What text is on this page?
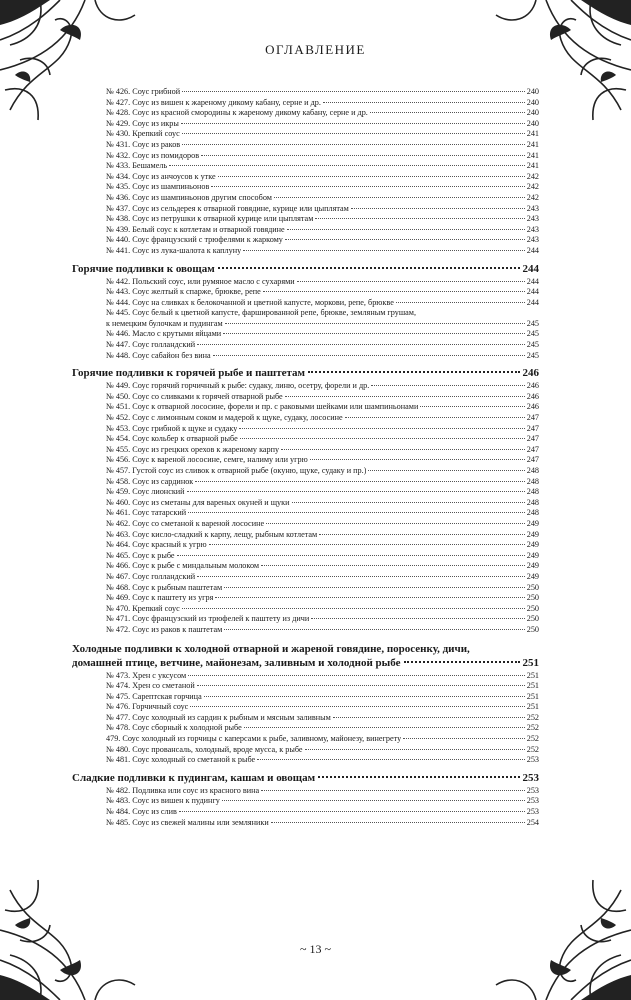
ОГЛАВЛЕНИЕ
№ 426. Соус грибной	240
№ 427. Соус из вишен к жареному дикому кабану, серне и др.	240
№ 428. Соус из красной смородины к жареному дикому кабану, серне и др.	240
№ 429. Соус из икры	240
№ 430. Крепкий соус	241
№ 431. Соус из раков	241
№ 432. Соус из помидоров	241
№ 433. Бешамель	241
№ 434. Соус из анчоусов к утке	242
№ 435. Соус из шампиньонов	242
№ 436. Соус из шампиньонов другим способом	242
№ 437. Соус из сельдерея к отварной говядине, курице или цыплятам	243
№ 438. Соус из петрушки к отварной курице или цыплятам	243
№ 439. Белый соус к котлетам и отварной говядине	243
№ 440. Соус французский с трюфелями к жаркому	243
№ 441. Соус из лука-шалота к каплуну	244
Горячие подливки к овощам	244
№ 442. Польский соус, или румяное масло с сухарями	244
№ 443. Соус желтый к спарже, брюкве, репе	244
№ 444. Соус на сливках к белокочанной и цветной капусте, моркови, репе, брюкве	244
№ 445. Соус белый к цветной капусте, фаршированной репе, брюкве, земляным грушам,
к немецким булочкам и пудингам	245
№ 446. Масло с крутыми яйцами	245
№ 447. Соус голландский	245
№ 448. Соус сабайон без вина	245
Горячие подливки к горячей рыбе и паштетам	246
№ 449. Соус горячий горчичный к рыбе: судаку, линю, осетру, форели и др.	246
№ 450. Соус со сливками к горячей отварной рыбе	246
№ 451. Соус к отварной лососине, форели и пр. с раковыми шейками или шампиньонами	246
№ 452. Соус с лимонным соком и мадерой к щуке, судаку, лососине	247
№ 453. Соус грибной к щуке и судаку	247
№ 454. Соус кольбер к отварной рыбе	247
№ 455. Соус из грецких орехов к жареному карпу	247
№ 456. Соус к вареной лососине, семге, налиму или угрю	247
№ 457. Густой соус из сливок к отварной рыбе (окуню, щуке, судаку и пр.)	248
№ 458. Соус из сардинок	248
№ 459. Соус лионский	248
№ 460. Соус из сметаны для вареных окуней и щуки	248
№ 461. Соус татарский	248
№ 462. Соус со сметаной к вареной лососине	249
№ 463. Соус кисло-сладкий к карпу, лещу, рыбным котлетам	249
№ 464. Соус красный к угрю	249
№ 465. Соус к рыбе	249
№ 466. Соус к рыбе с миндальным молоком	249
№ 467. Соус голландский	249
№ 468. Соус к рыбным паштетам	250
№ 469. Соус к паштету из угря	250
№ 470. Крепкий соус	250
№ 471. Соус французский из трюфелей к паштету из дичи	250
№ 472. Соус из раков к паштетам	250
Холодные подливки к холодной отварной и жареной говядине, поросенку, дичи,
домашней птице, ветчине, майонезам, заливным и холодной рыбе	251
№ 473. Хрен с уксусом	251
№ 474. Хрен со сметаной	251
№ 475. Сарептская горчица	251
№ 476. Горчичный соус	251
№ 477. Соус холодный из сардин к рыбным и мясным заливным	252
№ 478. Соус сборный к холодной рыбе	252
479. Соус холодный из горчицы с каперсами к рыбе, заливному, майонезу, винегрету	252
№ 480. Соус провансаль, холодный, вроде мусса, к рыбе	252
№ 481. Соус холодный со сметаной к рыбе	253
Сладкие подливки к пудингам, кашам и овощам	253
№ 482. Подливка или соус из красного вина	253
№ 483. Соус из вишен к пудингу	253
№ 484. Соус из слив	253
№ 485. Соус из свежей малины или земляники	254
~ 13 ~
